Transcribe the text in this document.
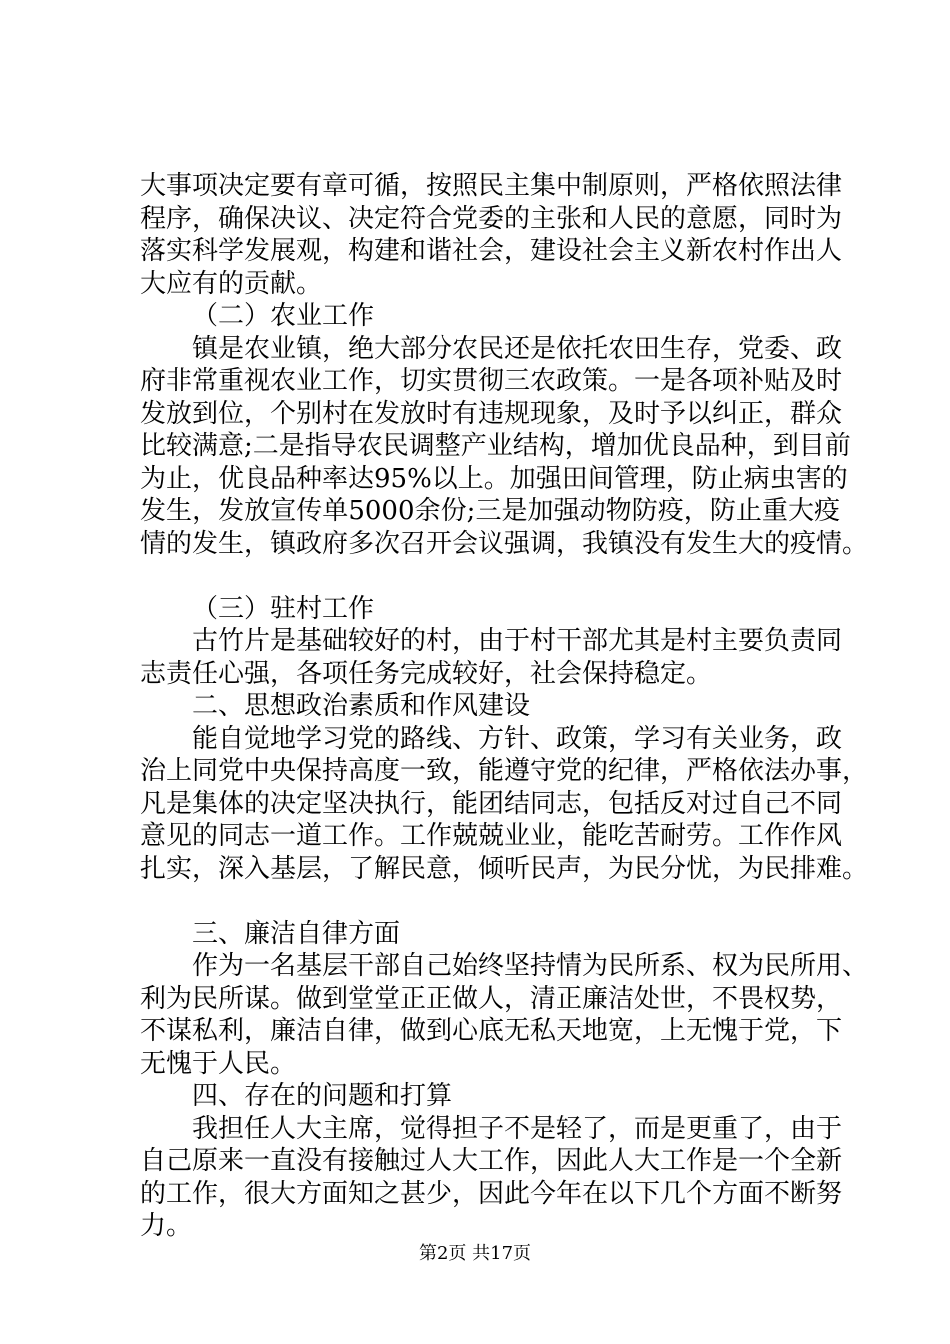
大事项决定要有章可循，按照民主集中制原则，严格依照法律
程序，确保决议、决定符合党委的主张和人民的意愿，同时为
落实科学发展观，构建和谐社会，建设社会主义新农村作出人
大应有的贡献。
（二）农业工作
镇是农业镇，绝大部分农民还是依托农田生存，党委、政
府非常重视农业工作，切实贯彻三农政策。一是各项补贴及时
发放到位，个别村在发放时有违规现象，及时予以纠正，群众
比较满意;二是指导农民调整产业结构，增加优良品种，到目前
为止，优良品种率达95%以上。加强田间管理，防止病虫害的
发生，发放宣传单5000余份;三是加强动物防疫，防止重大疫
情的发生，镇政府多次召开会议强调，我镇没有发生大的疫情。
（三）驻村工作
古竹片是基础较好的村，由于村干部尤其是村主要负责同
志责任心强，各项任务完成较好，社会保持稳定。
二、思想政治素质和作风建设
能自觉地学习党的路线、方针、政策，学习有关业务，政
治上同党中央保持高度一致，能遵守党的纪律，严格依法办事，
凡是集体的决定坚决执行，能团结同志，包括反对过自己不同
意见的同志一道工作。工作兢兢业业，能吃苦耐劳。工作作风
扎实，深入基层，了解民意，倾听民声，为民分忧，为民排难。
三、廉洁自律方面
作为一名基层干部自己始终坚持情为民所系、权为民所用、
利为民所谋。做到堂堂正正做人，清正廉洁处世，不畏权势，
不谋私利，廉洁自律，做到心底无私天地宽，上无愧于党，下
无愧于人民。
四、存在的问题和打算
我担任人大主席，觉得担子不是轻了，而是更重了，由于
自己原来一直没有接触过人大工作，因此人大工作是一个全新
的工作，很大方面知之甚少，因此今年在以下几个方面不断努
力。
第2页 共17页
